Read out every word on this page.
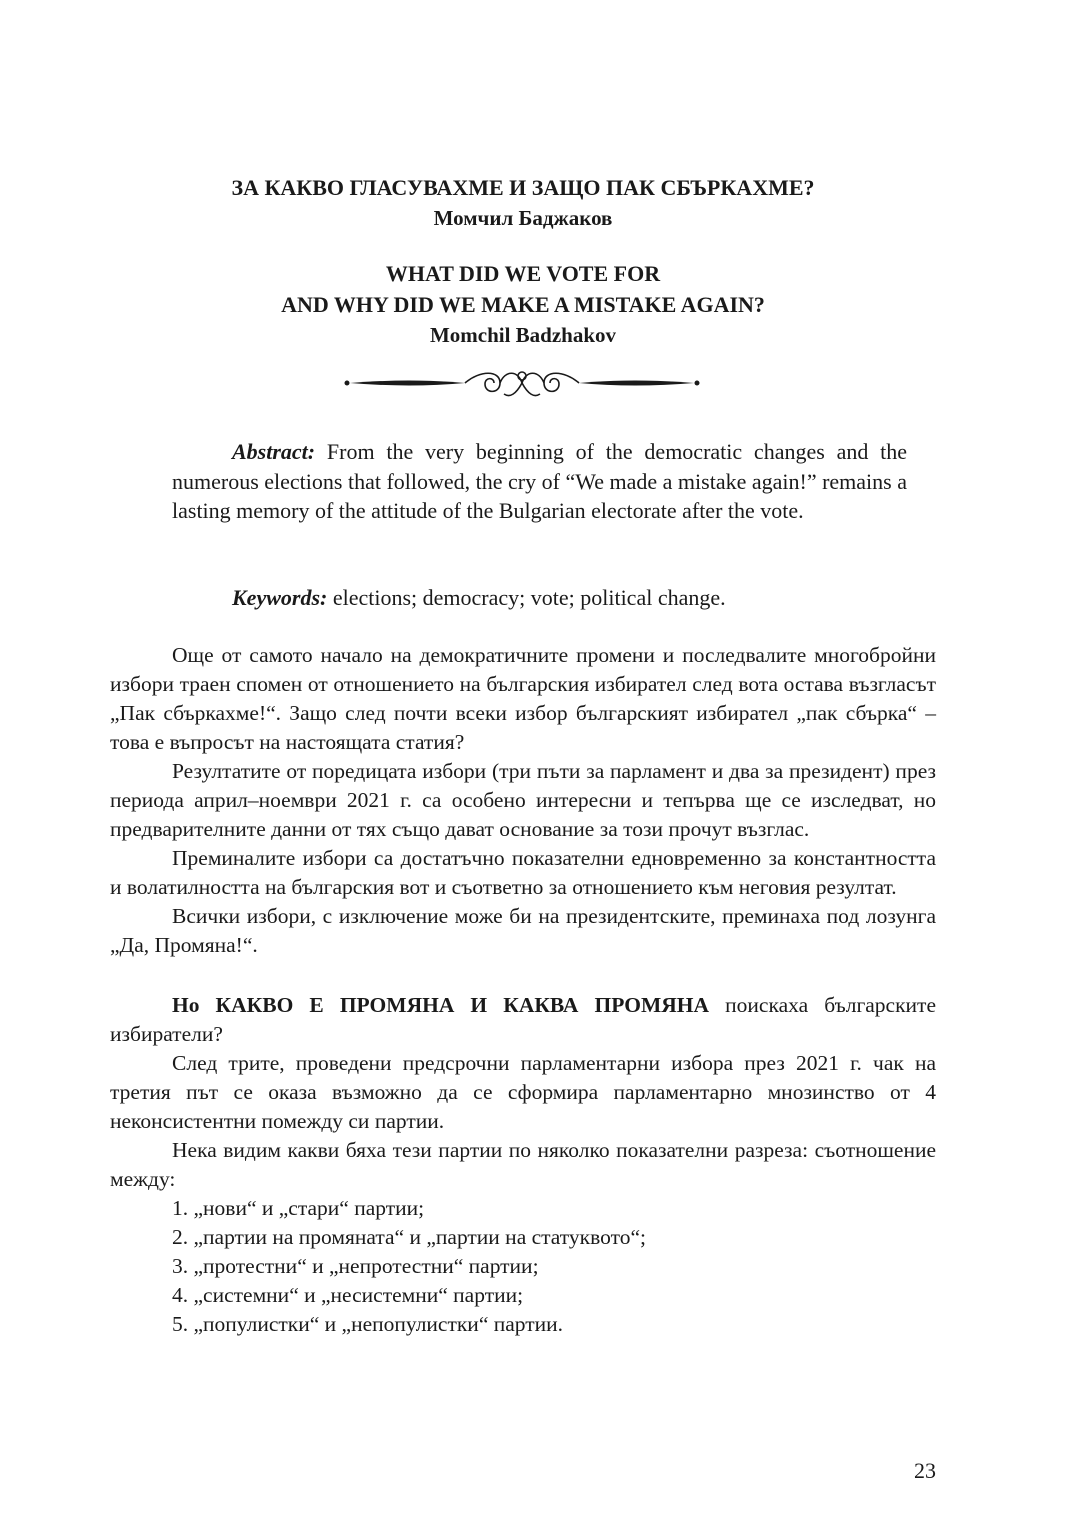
ЗА КАКВО ГЛАСУВАХМЕ И ЗАЩО ПАК СБЪРКАХМЕ?
Момчил Баджаков
WHAT DID WE VOTE FOR
AND WHY DID WE MAKE A MISTAKE AGAIN?
Momchil Badzhakov
Abstract: From the very beginning of the democratic changes and the numerous elections that followed, the cry of “We made a mistake again!” remains a lasting memory of the attitude of the Bulgarian electorate after the vote.
Keywords: elections; democracy; vote; political change.

Още от самото начало на демократичните промени и последвалите многобройни избори траен спомен от отношението на българския избирател след вота остава възгласът „Пак сбъркахме!“. Защо след почти всеки избор българският избирател „пак сбърка“ – това е въпросът на настоящата статия?

Резултатите от поредицата избори (три пъти за парламент и два за президент) през периода април–ноември 2021 г. са особено интересни и тепърва ще се изследват, но предварителните данни от тях също дават основание за този прочут възглас.

Преминалите избори са достатъчно показателни едновременно за константността и волатилността на българския вот и съответно за отношението към неговия резултат.

Всички избори, с изключение може би на президентските, преминаха под лозунга „Да, Промяна!“.

Но КАКВО Е ПРОМЯНА И КАКВА ПРОМЯНА поискаха българските избиратели?

След трите, проведени предсрочни парламентарни избора през 2021 г. чак на третия път се оказа възможно да се сформира парламентарно мнозинство от 4 неконсистентни помежду си партии.

Нека видим какви бяха тези партии по няколко показателни разреза: съотношение между:

1. „нови“ и „стари“ партии;

2. „партии на промяната“ и „партии на статуквото“;

3. „протестни“ и „непротестни“ партии;

4. „системни“ и „несистемни“ партии;

5. „популистки“ и „непопулистки“ партии.

23
